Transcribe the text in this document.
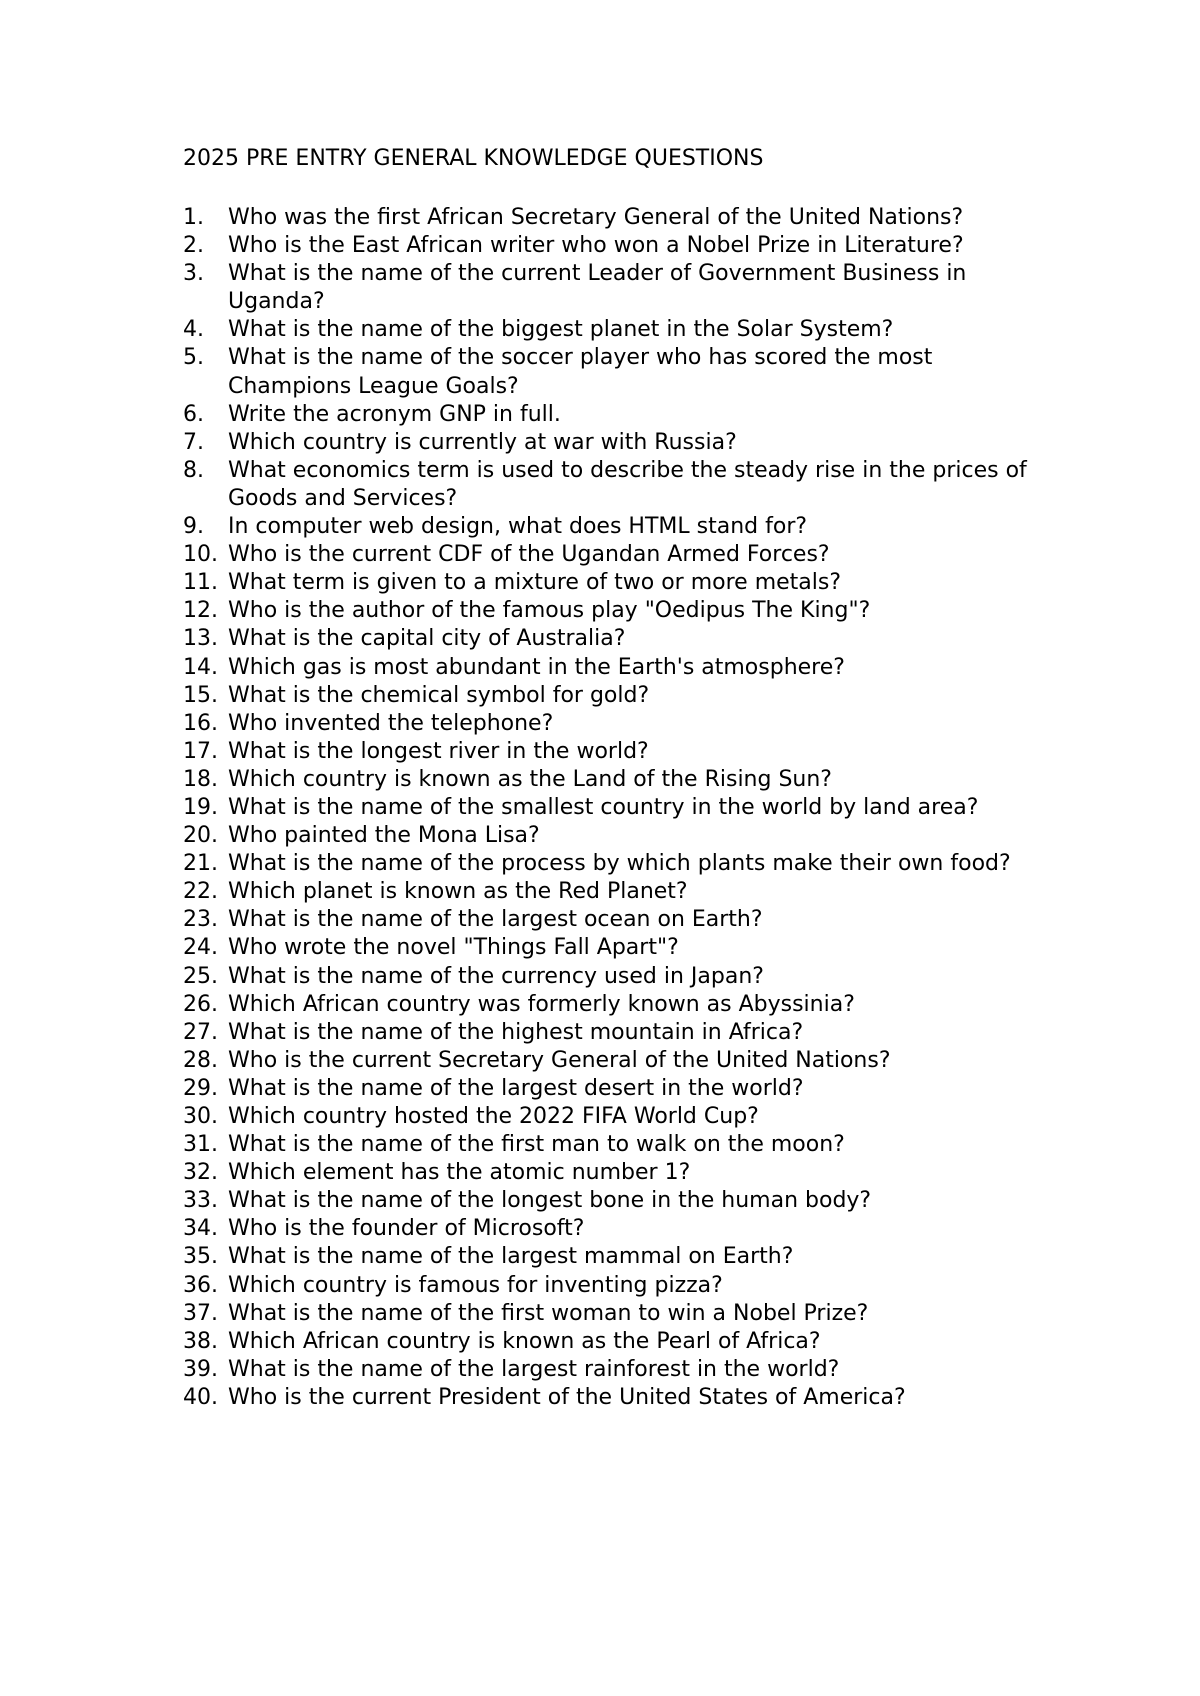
2025 PRE ENTRY GENERAL KNOWLEDGE QUESTIONS
1. Who was the first African Secretary General of the United Nations?
2. Who is the East African writer who won a Nobel Prize in Literature?
3. What is the name of the current Leader of Government Business in Uganda?
4. What is the name of the biggest planet in the Solar System?
5. What is the name of the soccer player who has scored the most Champions League Goals?
6. Write the acronym GNP in full.
7. Which country is currently at war with Russia?
8. What economics term is used to describe the steady rise in the prices of Goods and Services?
9. In computer web design, what does HTML stand for?
10. Who is the current CDF of the Ugandan Armed Forces?
11. What term is given to a mixture of two or more metals?
12. Who is the author of the famous play "Oedipus The King"?
13. What is the capital city of Australia?
14. Which gas is most abundant in the Earth's atmosphere?
15. What is the chemical symbol for gold?
16. Who invented the telephone?
17. What is the longest river in the world?
18. Which country is known as the Land of the Rising Sun?
19. What is the name of the smallest country in the world by land area?
20. Who painted the Mona Lisa?
21. What is the name of the process by which plants make their own food?
22. Which planet is known as the Red Planet?
23. What is the name of the largest ocean on Earth?
24. Who wrote the novel "Things Fall Apart"?
25. What is the name of the currency used in Japan?
26. Which African country was formerly known as Abyssinia?
27. What is the name of the highest mountain in Africa?
28. Who is the current Secretary General of the United Nations?
29. What is the name of the largest desert in the world?
30. Which country hosted the 2022 FIFA World Cup?
31. What is the name of the first man to walk on the moon?
32. Which element has the atomic number 1?
33. What is the name of the longest bone in the human body?
34. Who is the founder of Microsoft?
35. What is the name of the largest mammal on Earth?
36. Which country is famous for inventing pizza?
37. What is the name of the first woman to win a Nobel Prize?
38. Which African country is known as the Pearl of Africa?
39. What is the name of the largest rainforest in the world?
40. Who is the current President of the United States of America?
